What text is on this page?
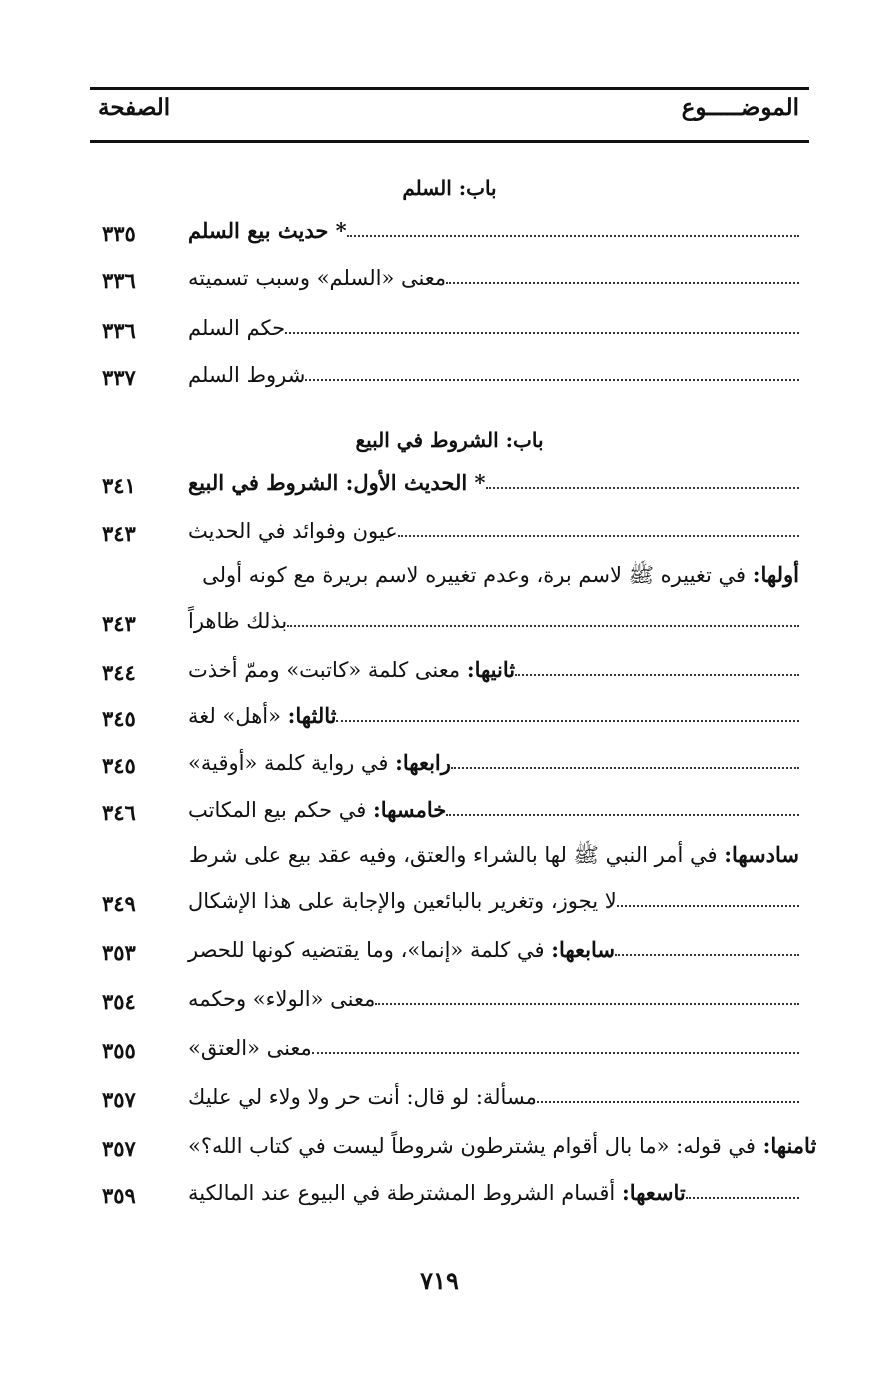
الموضـــــوع
الصفحة
باب: السلم
٣٣٥	* حديث بيع السلم
٣٣٦	معنى «السلم» وسبب تسميته
٣٣٦	حكم السلم
٣٣٧	شروط السلم
باب: الشروط في البيع
٣٤١	* الحديث الأول: الشروط في البيع
٣٤٣	عيون وفوائد في الحديث
أولها: في تغييره ﷺ لاسم برة، وعدم تغييره لاسم بريرة مع كونه أولى
٣٤٣	بذلك ظاهراً
٣٤٤	ثانيها: معنى كلمة «كاتبت» وممّ أخذت
٣٤٥	ثالثها: «أهل» لغة
٣٤٥	رابعها: في رواية كلمة «أوقية»
٣٤٦	خامسها: في حكم بيع المكاتب
سادسها: في أمر النبي ﷺ لها بالشراء والعتق، وفيه عقد بيع على شرط
٣٤٩	لا يجوز، وتغرير بالبائعين والإجابة على هذا الإشكال
٣٥٣	سابعها: في كلمة «إنما»، وما يقتضيه كونها للحصر
٣٥٤	معنى «الولاء» وحكمه
٣٥٥	معنى «العتق»
٣٥٧	مسألة: لو قال: أنت حر ولا ولاء لي عليك
٣٥٧	ثامنها: في قوله: «ما بال أقوام يشترطون شروطاً ليست في كتاب الله؟»
٣٥٩	تاسعها: أقسام الشروط المشترطة في البيوع عند المالكية
٧١٩
